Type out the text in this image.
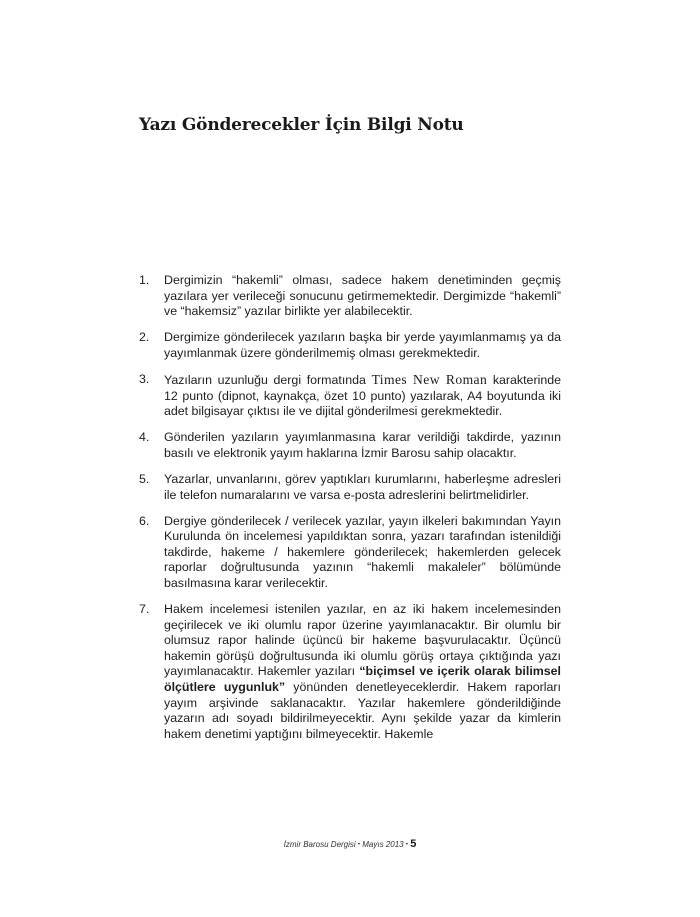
Yazı Gönderecekler İçin Bilgi Notu
1. Dergimizin “hakemli” olması, sadece hakem denetiminden geçmiş yazılara yer verileceği sonucunu getirmemektedir. Dergimizde “hakemli” ve “hakemsiz” yazılar birlikte yer alabilecektir.
2. Dergimize gönderilecek yazıların başka bir yerde yayımlanmamış ya da yayımlanmak üzere gönderilmemiş olması gerekmektedir.
3. Yazıların uzunluğu dergi formatında Times New Roman karakterinde 12 punto (dipnot, kaynakça, özet 10 punto) yazılarak, A4 boyutunda iki adet bilgisayar çıktısı ile ve dijital gönderilmesi gerekmektedir.
4. Gönderilen yazıların yayımlanmasına karar verildiği takdirde, yazının basılı ve elektronik yayım haklarına İzmir Barosu sahip olacaktır.
5. Yazarlar, unvanlarını, görev yaptıkları kurumlarını, haberleşme adresleri ile telefon numaralarını ve varsa e-posta adreslerini belirtmelidirler.
6. Dergiye gönderilecek / verilecek yazılar, yayın ilkeleri bakımından Yayın Kurulunda ön incelemesi yapıldıktan sonra, yazarı tarafından istenildiği takdirde, hakeme / hakemlere gönderilecek; hakemlerden gelecek raporlar doğrultusunda yazının “hakemli makaleler” bölümünde basılmasına karar verilecektir.
7. Hakem incelemesi istenilen yazılar, en az iki hakem incelemesinden geçirilecek ve iki olumlu rapor üzerine yayımlanacaktır. Bir olumlu bir olumsuz rapor halinde üçüncü bir hakeme başvurulacaktır. Üçüncü hakemin görüşü doğrultusunda iki olumlu görüş ortaya çıktığında yazı yayımlanacaktır. Hakemler yazıları “biçimsel ve içerik olarak bilimsel ölçütlere uygunluk” yönünden denetleyeceklerdir. Hakem raporları yayım arşivinde saklanacaktır. Yazılar hakemlere gönderildiğinde yazarın adı soyadı bildirilmeyecektir. Aynı şekilde yazar da kimlerin hakem denetimi yaptığını bilmeyecektir. Hakemle
İzmir Barosu Dergisi • Mayıs 2013 • 5
